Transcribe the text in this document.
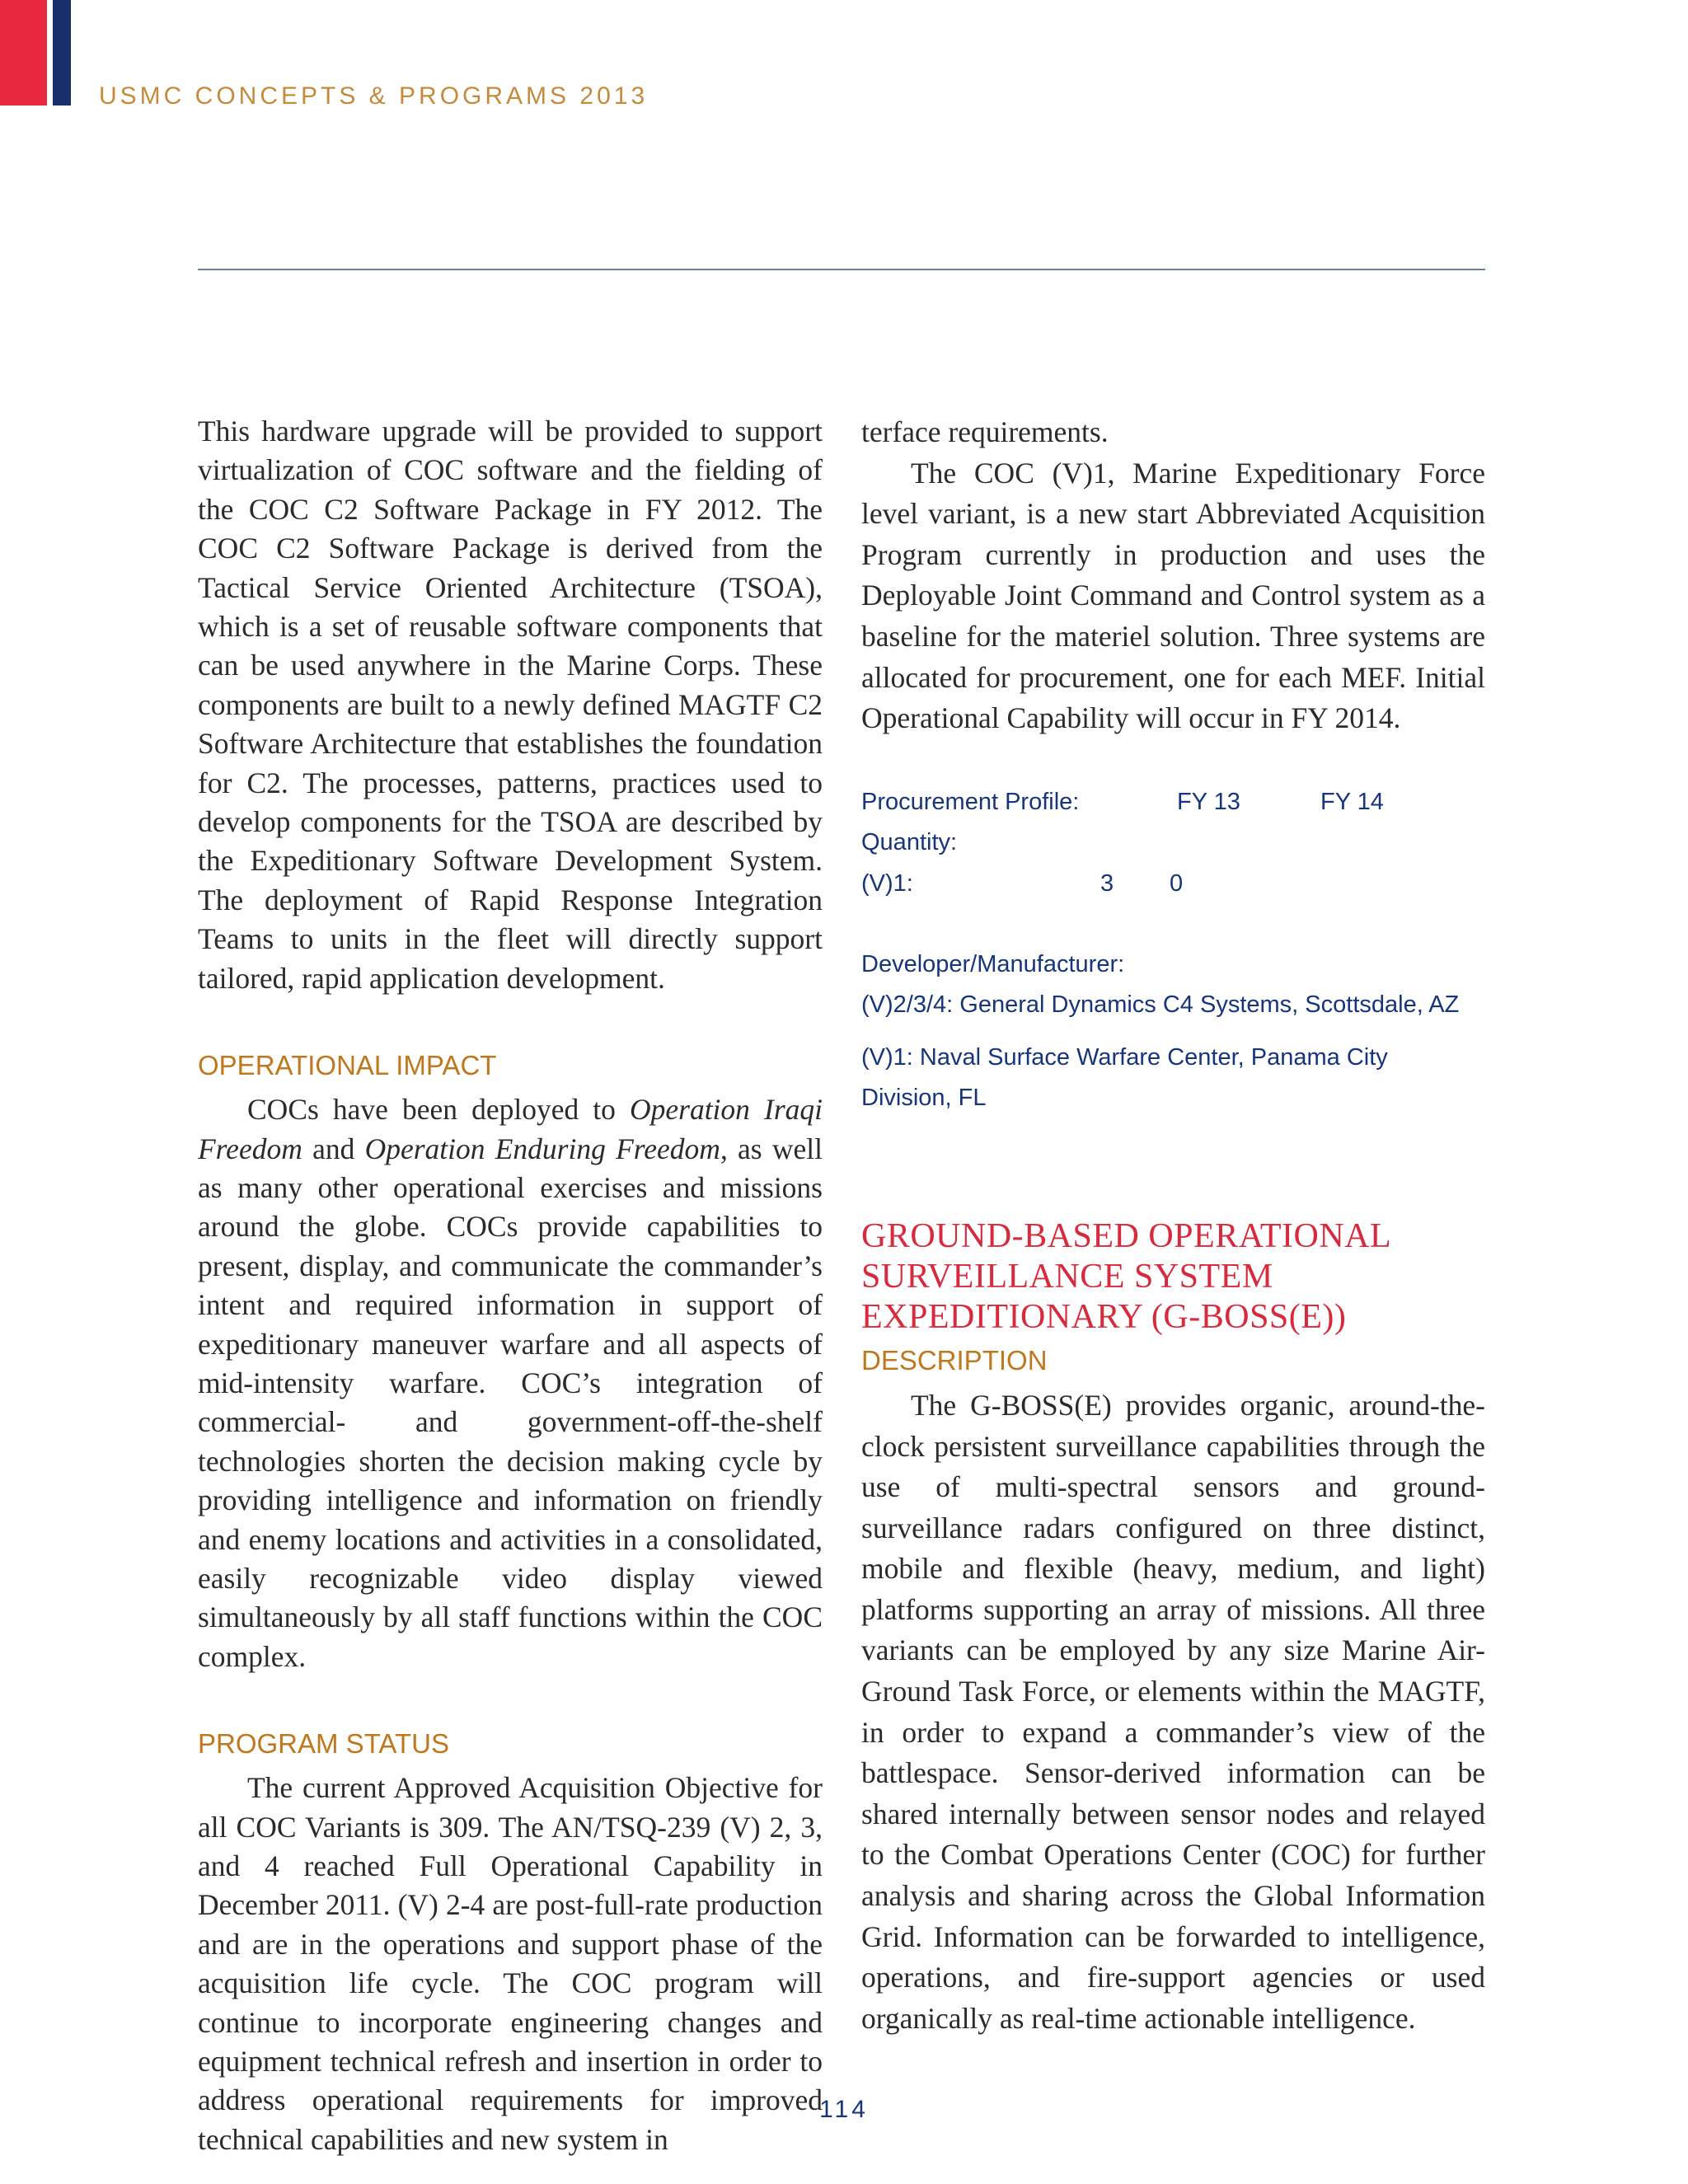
USMC CONCEPTS & PROGRAMS 2013

This hardware upgrade will be provided to support virtualization of COC software and the fielding of the COC C2 Software Package in FY 2012. The COC C2 Software Package is derived from the Tactical Service Oriented Architecture (TSOA), which is a set of reusable software components that can be used anywhere in the Marine Corps. These components are built to a newly defined MAGTF C2 Software Architecture that establishes the foundation for C2. The processes, patterns, practices used to develop components for the TSOA are described by the Expeditionary Software Development System. The deployment of Rapid Response Integration Teams to units in the fleet will directly support tailored, rapid application development.

OPERATIONAL IMPACT

COCs have been deployed to Operation Iraqi Freedom and Operation Enduring Freedom, as well as many other operational exercises and missions around the globe. COCs provide capabilities to present, display, and communicate the commander’s intent and required information in support of expeditionary maneuver warfare and all aspects of mid-intensity warfare. COC’s integration of commercial- and government-off-the-shelf technologies shorten the decision making cycle by providing intelligence and information on friendly and enemy locations and activities in a consolidated, easily recognizable video display viewed simultaneously by all staff functions within the COC complex.

PROGRAM STATUS

The current Approved Acquisition Objective for all COC Variants is 309. The AN/TSQ-239 (V) 2, 3, and 4 reached Full Operational Capability in December 2011. (V) 2-4 are post-full-rate production and are in the operations and support phase of the acquisition life cycle. The COC program will continue to incorporate engineering changes and equipment technical refresh and insertion in order to address operational requirements for improved technical capabilities and new system in

terface requirements.

The COC (V)1, Marine Expeditionary Force level variant, is a new start Abbreviated Acquisition Program currently in production and uses the Deployable Joint Command and Control system as a baseline for the materiel solution. Three systems are allocated for procurement, one for each MEF. Initial Operational Capability will occur in FY 2014.

Procurement Profile:	FY 13	FY 14
Quantity:
(V)1:	3 0
Developer/Manufacturer:
(V)2/3/4: General Dynamics C4 Systems, Scottsdale, AZ
(V)1: Naval Surface Warfare Center, Panama City
Division, FL
GROUND-BASED OPERATIONAL
SURVEILLANCE SYSTEM
EXPEDITIONARY (G-BOSS(E))
DESCRIPTION

The G-BOSS(E) provides organic, around-the-clock persistent surveillance capabilities through the use of multi-spectral sensors and ground-surveillance radars configured on three distinct, mobile and flexible (heavy, medium, and light) platforms supporting an array of missions. All three variants can be employed by any size Marine Air-Ground Task Force, or elements within the MAGTF, in order to expand a commander’s view of the battlespace. Sensor-derived information can be shared internally between sensor nodes and relayed to the Combat Operations Center (COC) for further analysis and sharing across the Global Information Grid. Information can be forwarded to intelligence, operations, and fire-support agencies or used organically as real-time actionable intelligence.

114
